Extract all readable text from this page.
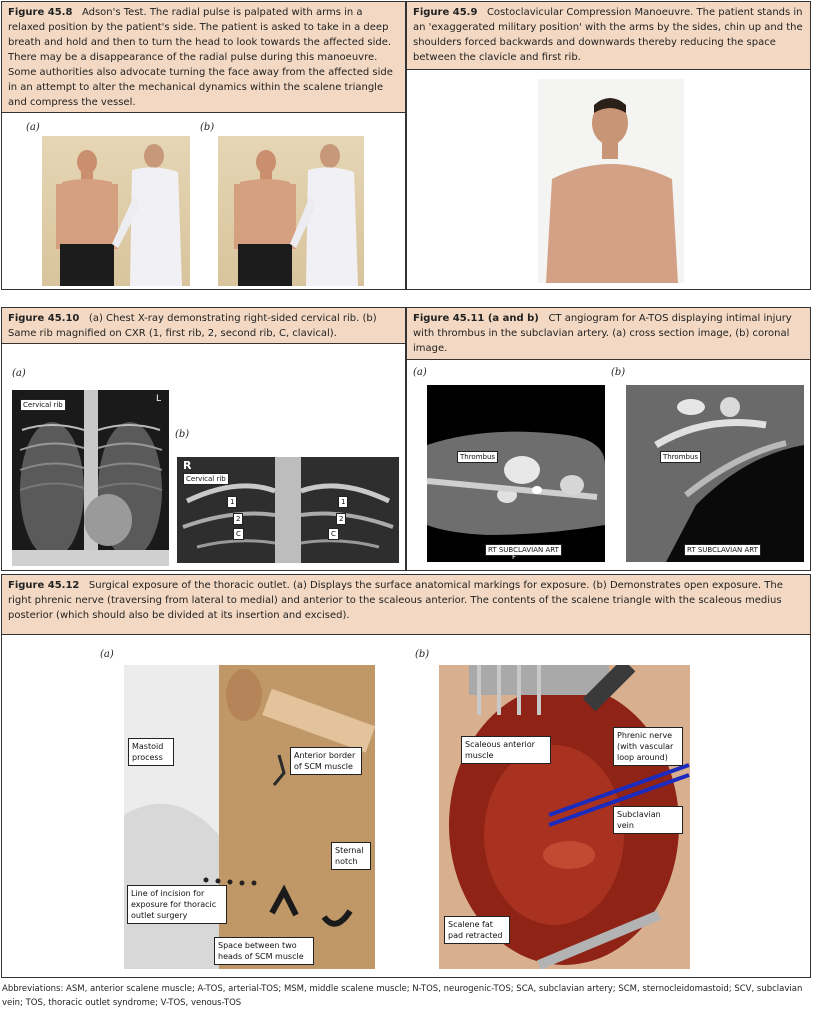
Figure 45.8 Adson's Test. The radial pulse is palpated with arms in a relaxed position by the patient's side. The patient is asked to take in a deep breath and hold and then to turn the head to look towards the affected side. There may be a disappearance of the radial pulse during this manoeuvre. Some authorities also advocate turning the face away from the affected side in an attempt to alter the mechanical dynamics within the scalene triangle and compress the vessel.
(a)	(b)
Figure 45.9 Costoclavicular Compression Manoeuvre. The patient stands in an 'exaggerated military position' with the arms by the sides, chin up and the shoulders forced backwards and downwards thereby reducing the space between the clavicle and first rib.
Figure 45.10 (a) Chest X-ray demonstrating right-sided cervical rib. (b) Same rib magnified on CXR (1, first rib, 2, second rib, C, clavical).
(a)
(b)
Cervical rib
L
R
Cervical rib
1
2
C
1
2
C
Figure 45.11 (a and b) CT angiogram for A-TOS displaying intimal injury with thrombus in the subclavian artery. (a) cross section image, (b) coronal image.
(a)	(b)
Thrombus
RT SUBCLAVIAN ART
F
Thrombus
RT SUBCLAVIAN ART
Figure 45.12 Surgical exposure of the thoracic outlet. (a) Displays the surface anatomical markings for exposure. (b) Demonstrates open exposure. The right phrenic nerve (traversing from lateral to medial) and anterior to the scaleous anterior. The contents of the scalene triangle with the scaleous medius posterior (which should also be divided at its insertion and excised).
(a)	(b)
Mastoid process	Anterior border of SCM muscle
Sternal notch
Line of incision for exposure for thoracic outlet surgery
Space between two heads of SCM muscle
Scaleous anterior muscle
Phrenic nerve (with vascular loop around)
Subclavian vein
Scalene fat pad retracted
Abbreviations: ASM, anterior scalene muscle; A-TOS, arterial-TOS; MSM, middle scalene muscle; N-TOS, neurogenic-TOS; SCA, subclavian artery; SCM, sternocleidomastoid; SCV, subclavian vein; TOS, thoracic outlet syndrome; V-TOS, venous-TOS
